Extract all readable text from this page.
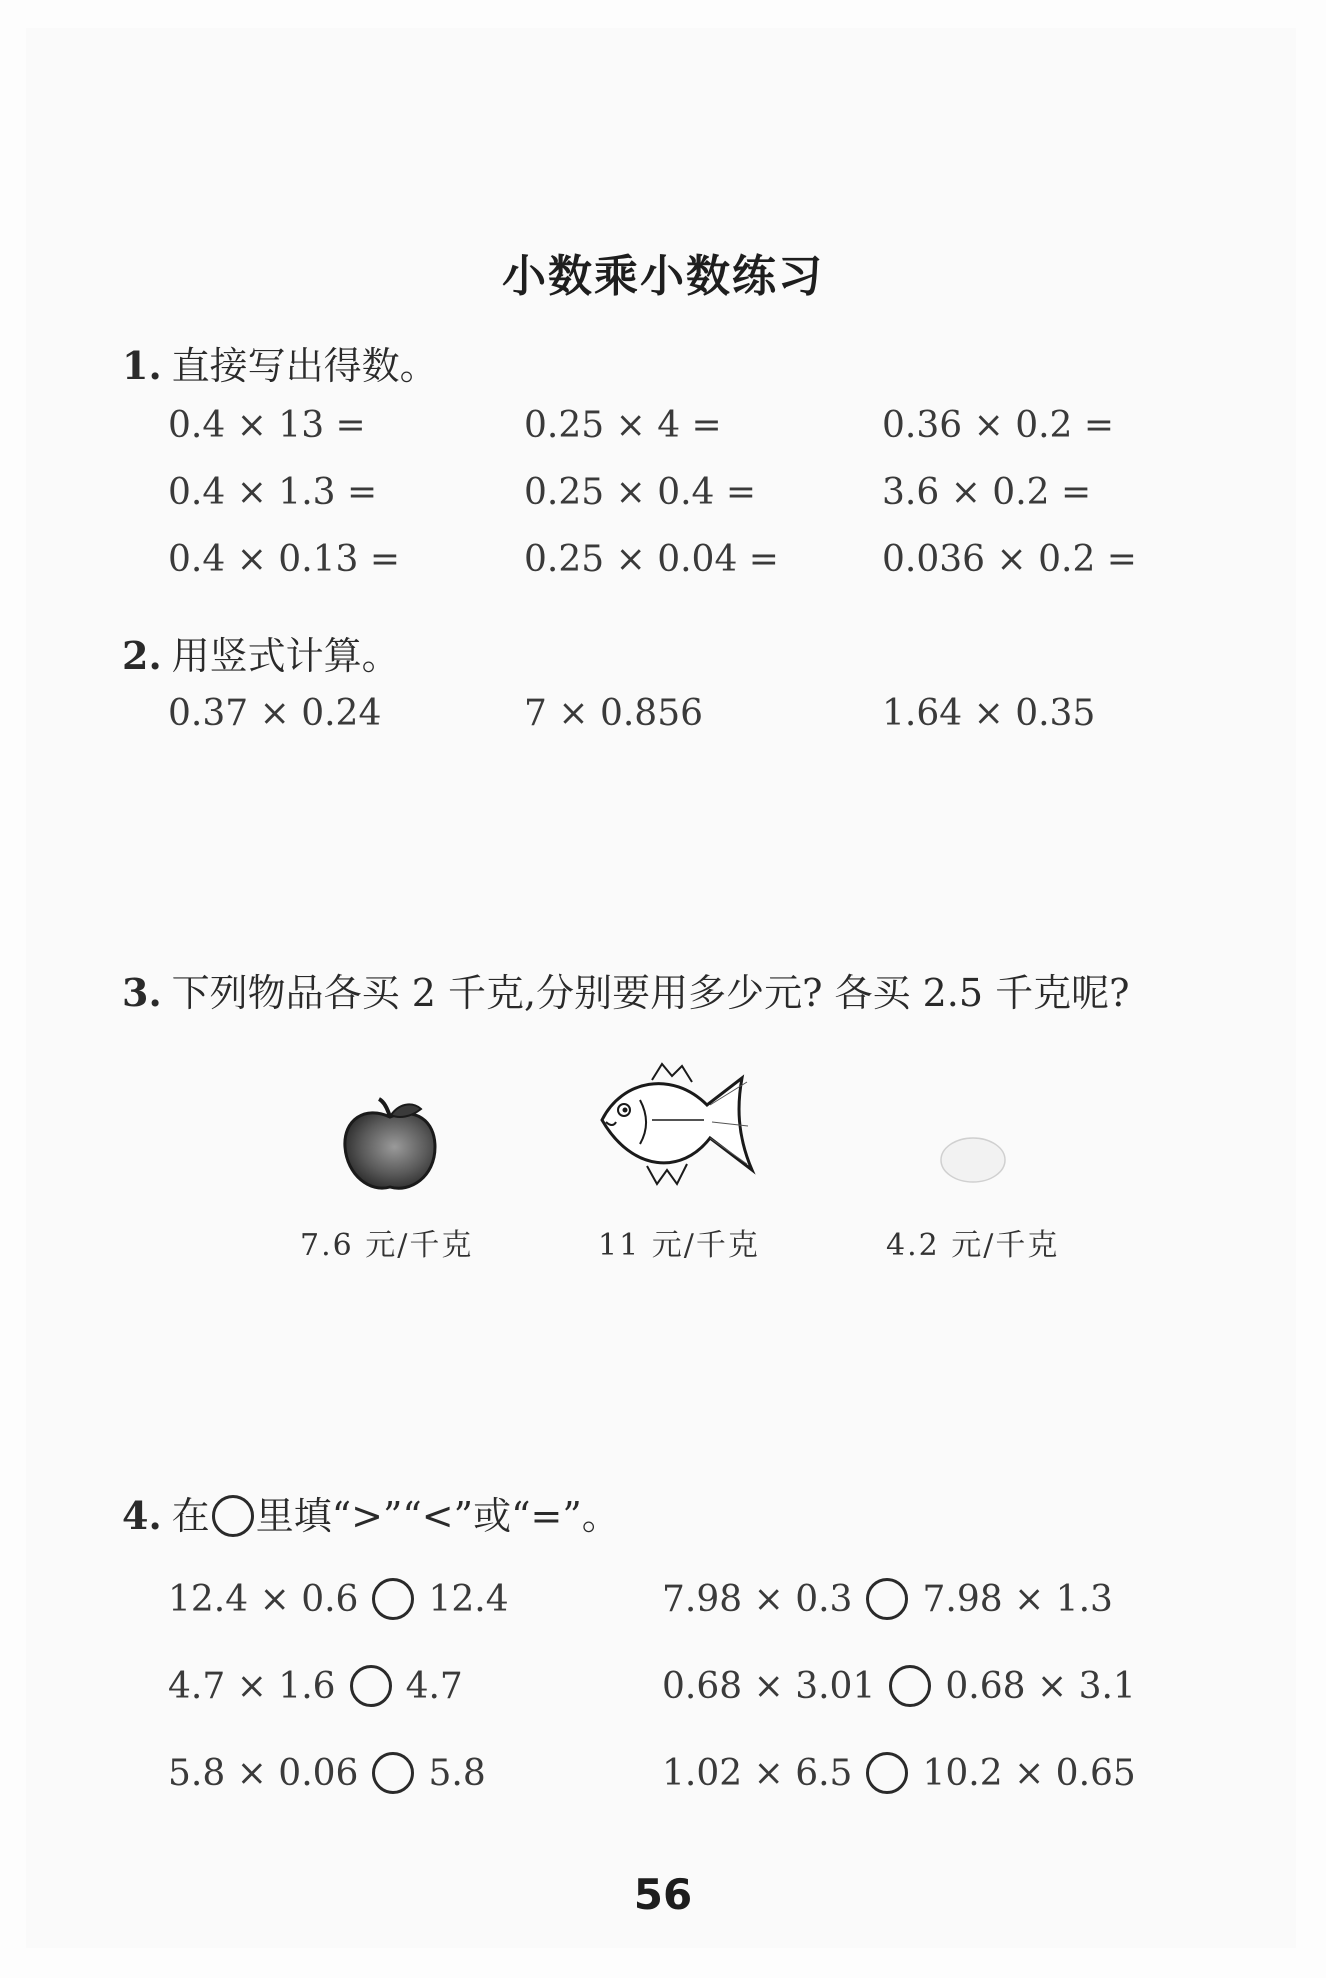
小数乘小数练习
1. 直接写出得数。
0.4 × 13 =	0.25 × 4 =	0.36 × 0.2 =
0.4 × 1.3 =	0.25 × 0.4 =	3.6 × 0.2 =
0.4 × 0.13 =	0.25 × 0.04 =	0.036 × 0.2 =
2. 用竖式计算。
0.37 × 0.24	7 × 0.856	1.64 × 0.35
3. 下列物品各买 2 千克,分别要用多少元? 各买 2.5 千克呢?
7.6 元/千克	11 元/千克	4.2 元/千克
4. 在 里填“>”“<”或“=”。
12.4 × 0.6 12.4	7.98 × 0.3 7.98 × 1.3
4.7 × 1.6 4.7	0.68 × 3.01 0.68 × 3.1
5.8 × 0.06 5.8	1.02 × 6.5 10.2 × 0.65
56
